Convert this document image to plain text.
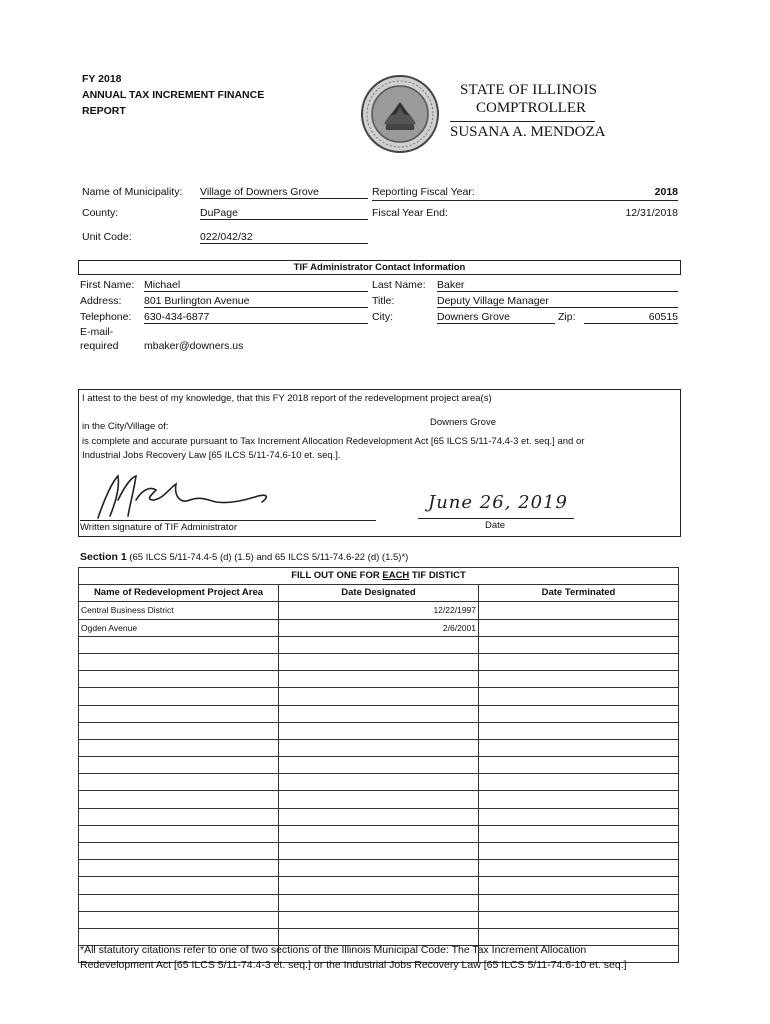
FY 2018
ANNUAL TAX INCREMENT FINANCE
REPORT
STATE OF ILLINOIS
COMPTROLLER
SUSANA A. MENDOZA
Name of Municipality: Village of Downers Grove
County:	DuPage
Unit Code:	022/042/32
Reporting Fiscal Year:	2018
Fiscal Year End:	12/31/2018
TIF Administrator Contact Information
First Name: Michael	Last Name: Baker
Address: 801 Burlington Avenue	Title:	Deputy Village Manager
Telephone: 630-434-6877	City:	Downers Grove	Zip:	60515
E-mail-
required mbaker@downers.us
I attest to the best of my knowledge, that this FY 2018 report of the redevelopment project area(s)
in the City/Village of:	Downers Grove
is complete and accurate pursuant to Tax Increment Allocation Redevelopment Act [65 ILCS 5/11-74.4-3 et. seq.] and or
Industrial Jobs Recovery Law [65 ILCS 5/11-74.6-10 et. seq.].
Written signature of TIF Administrator
June 26, 2019
Date
Section 1 (65 ILCS 5/11-74.4-5 (d) (1.5) and 65 ILCS 5/11-74.6-22 (d) (1.5)*)
FILL OUT ONE FOR EACH TIF DISTICT		
Name of Redevelopment Project Area	Date Designated	Date Terminated
Central Business District	12/22/1997	
Ogden Avenue	2/6/2001	

*All statutory citations refer to one of two sections of the Illinois Municipal Code: The Tax Increment Allocation
Redevelopment Act [65 ILCS 5/11-74.4-3 et. seq.] or the Industrial Jobs Recovery Law [65 ILCS 5/11-74.6-10 et. seq.]
